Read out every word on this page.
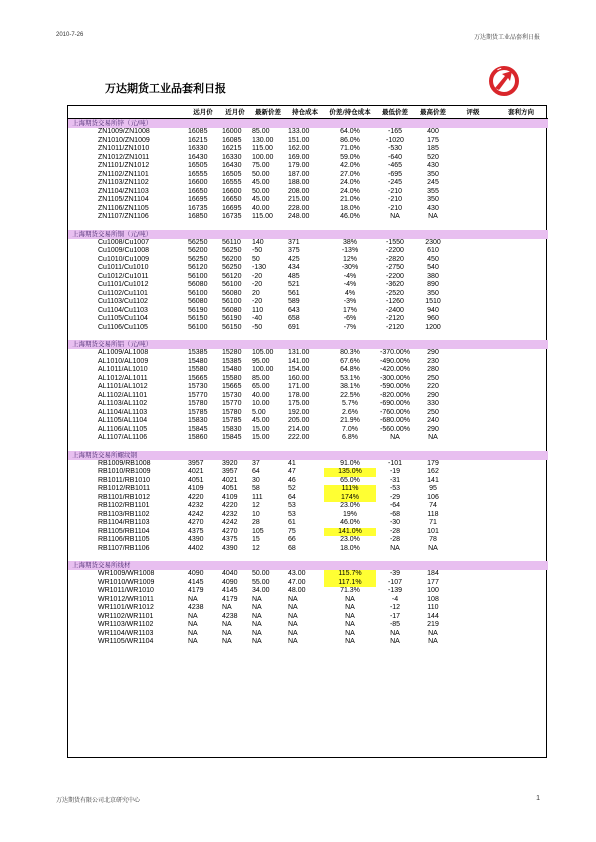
2010-7-26	万达期货工业品套利日报
万达期货工业品套利日报
	远月价	近月价	最新价差	持仓成本	价差/持仓成本	最低价差	最高价差	评级	套利方向
上海期货交易所锌（元/吨）									
ZN1009/ZN1008	16085	16000	85.00	133.00	64.0%	-165	400		
ZN1010/ZN1009	16215	16085	130.00	151.00	86.0%	-1020	175		
ZN1011/ZN1010	16330	16215	115.00	162.00	71.0%	-530	185		
ZN1012/ZN1011	16430	16330	100.00	169.00	59.0%	-640	520		
ZN1101/ZN1012	16505	16430	75.00	179.00	42.0%	-465	430		
ZN1102/ZN1101	16555	16505	50.00	187.00	27.0%	-695	350		
ZN1103/ZN1102	16600	16555	45.00	188.00	24.0%	-245	245		
ZN1104/ZN1103	16650	16600	50.00	208.00	24.0%	-210	355		
ZN1105/ZN1104	16695	16650	45.00	215.00	21.0%	-210	350		
ZN1106/ZN1105	16735	16695	40.00	228.00	18.0%	-210	430		
ZN1107/ZN1106	16850	16735	115.00	248.00	46.0%	NA	NA		

上海期货交易所铜（元/吨）									
Cu1008/Cu1007	56250	56110	140	371	38%	-1550	2300		
Cu1009/Cu1008	56200	56250	-50	375	-13%	-2200	610		
Cu1010/Cu1009	56250	56200	50	425	12%	-2820	450		
Cu1011/Cu1010	56120	56250	-130	434	-30%	-2750	540		
Cu1012/Cu1011	56100	56120	-20	485	-4%	-2200	380		
Cu1101/Cu1012	56080	56100	-20	521	-4%	-3620	890		
Cu1102/Cu1101	56100	56080	20	561	4%	-2520	350		
Cu1103/Cu1102	56080	56100	-20	589	-3%	-1260	1510		
Cu1104/Cu1103	56190	56080	110	643	17%	-2400	940		
Cu1105/Cu1104	56150	56190	-40	658	-6%	-2120	960		
Cu1106/Cu1105	56100	56150	-50	691	-7%	-2120	1200		

上海期货交易所铝（元/吨）									
AL1009/AL1008	15385	15280	105.00	131.00	80.3%	-370.00%	290		
AL1010/AL1009	15480	15385	95.00	141.00	67.6%	-490.00%	230		
AL1011/AL1010	15580	15480	100.00	154.00	64.8%	-420.00%	280		
AL1012/AL1011	15665	15580	85.00	160.00	53.1%	-300.00%	250		
AL1101/AL1012	15730	15665	65.00	171.00	38.1%	-590.00%	220		
AL1102/AL1101	15770	15730	40.00	178.00	22.5%	-820.00%	290		
AL1103/AL1102	15780	15770	10.00	175.00	5.7%	-690.00%	330		
AL1104/AL1103	15785	15780	5.00	192.00	2.6%	-760.00%	250		
AL1105/AL1104	15830	15785	45.00	205.00	21.9%	-680.00%	240		
AL1106/AL1105	15845	15830	15.00	214.00	7.0%	-560.00%	290		
AL1107/AL1106	15860	15845	15.00	222.00	6.8%	NA	NA		

上海期货交易所螺纹钢									
RB1009/RB1008	3957	3920	37	41	91.0%	-101	179		
RB1010/RB1009	4021	3957	64	47	135.0%	-19	162		
RB1011/RB1010	4051	4021	30	46	65.0%	-31	141		
RB1012/RB1011	4109	4051	58	52	111%	-53	95		
RB1101/RB1012	4220	4109	111	64	174%	-29	106		
RB1102/RB1101	4232	4220	12	53	23.0%	-64	74		
RB1103/RB1102	4242	4232	10	53	19%	-68	118		
RB1104/RB1103	4270	4242	28	61	46.0%	-30	71		
RB1105/RB1104	4375	4270	105	75	141.0%	-28	101		
RB1106/RB1105	4390	4375	15	66	23.0%	-28	78		
RB1107/RB1106	4402	4390	12	68	18.0%	NA	NA		

上海期货交易所线材									
WR1009/WR1008	4090	4040	50.00	43.00	115.7%	-39	184		
WR1010/WR1009	4145	4090	55.00	47.00	117.1%	-107	177		
WR1011/WR1010	4179	4145	34.00	48.00	71.3%	-139	100		
WR1012/WR1011	NA	4179	NA	NA	NA	-4	108		
WR1101/WR1012	4238	NA	NA	NA	NA	-12	110		
WR1102/WR1101	NA	4238	NA	NA	NA	-17	144		
WR1103/WR1102	NA	NA	NA	NA	NA	-85	219		
WR1104/WR1103	NA	NA	NA	NA	NA	NA	NA		
WR1105/WR1104	NA	NA	NA	NA	NA	NA	NA		
万达期货有限公司北京研究中心	1
